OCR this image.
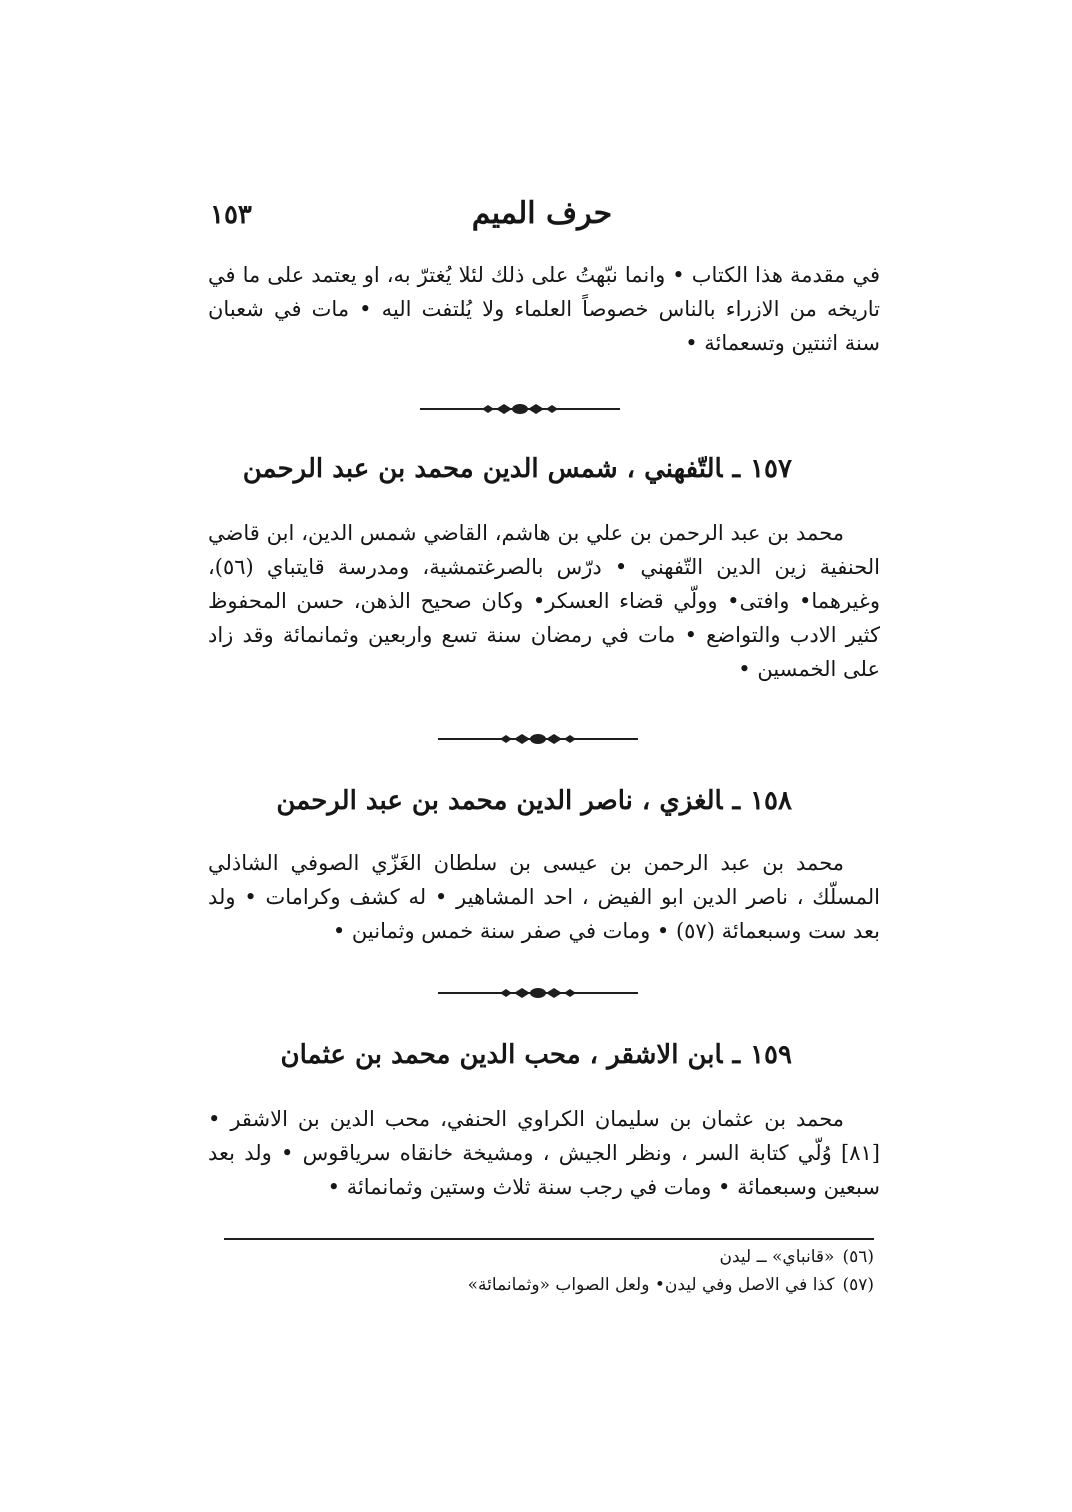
حرف الميم
١٥٣
في مقدمة هذا الكتاب • وانما نبّهتُ على ذلك لئلا يُغترّ به، او يعتمد على ما في تاريخه من الازراء بالناس خصوصاً العلماء ولا يُلتفت اليه • مات في شعبان سنة اثنتين وتسعمائة •
١٥٧ـالتّفهني ، شمس الدين محمد بن عبد الرحمن
محمد بن عبد الرحمن بن علي بن هاشم، القاضي شمس الدين، ابن قاضي الحنفية زين الدين التّفهني • درّس بالصرغتمشية، ومدرسة قايتباي (٥٦)، وغيرهما• وافتى• وولّي قضاء العسكر• وكان صحيح الذهن، حسن المحفوظ كثير الادب والتواضع • مات في رمضان سنة تسع واربعين وثمانمائة وقد زاد على الخمسين •
١٥٨ـالغزي ، ناصر الدين محمد بن عبد الرحمن
محمد بن عبد الرحمن بن عيسى بن سلطان الغَزّي الصوفي الشاذلي المسلّك ، ناصر الدين ابو الفيض ، احد المشاهير • له كشف وكرامات • ولد بعد ست وسبعمائة (٥٧) • ومات في صفر سنة خمس وثمانين •
١٥٩ـابن الاشقر ، محب الدين محمد بن عثمان
محمد بن عثمان بن سليمان الكراوي الحنفي، محب الدين بن الاشقر • [٨١] وُلّي كتابة السر ، ونظر الجيش ، ومشيخة خانقاه سرياقوس • ولد بعد سبعين وسبعمائة • ومات في رجب سنة ثلاث وستين وثمانمائة •
(٥٦)«قانباي» ــ ليدن
(٥٧)كذا في الاصل وفي ليدن• ولعل الصواب «وثمانمائة»
